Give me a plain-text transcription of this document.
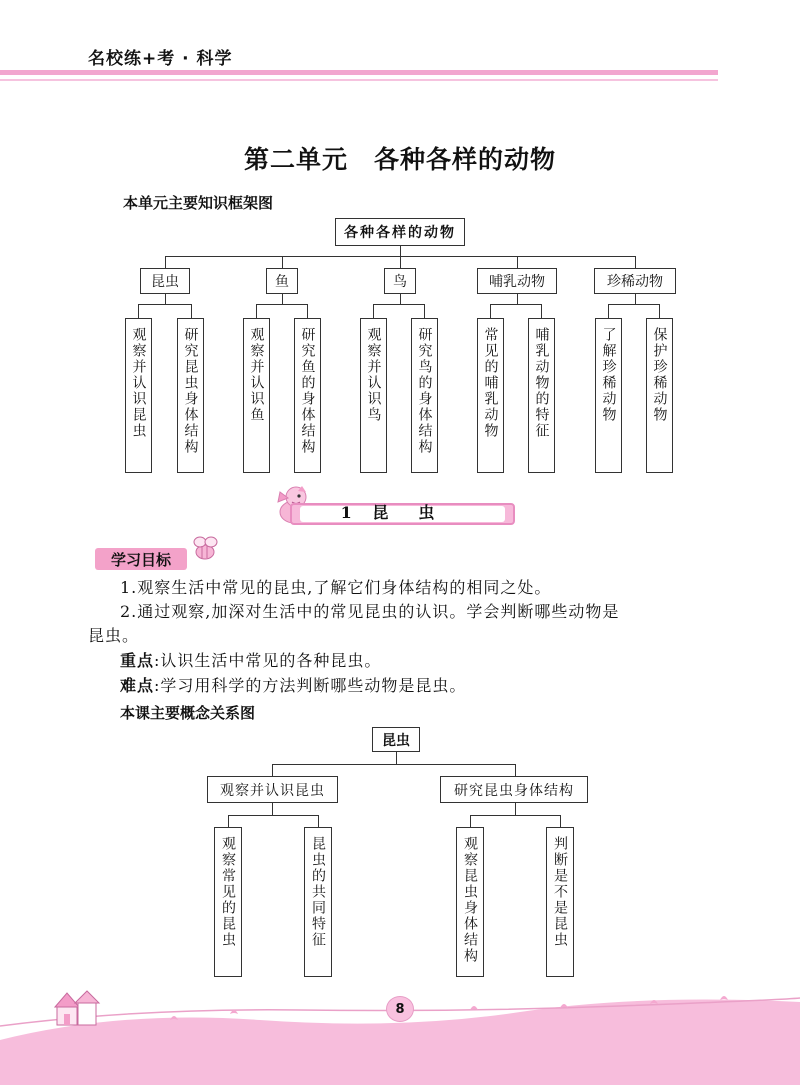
名校练+考 · 科学
第二单元 各种各样的动物
本单元主要知识框架图
各种各样的动物
昆虫	鱼	鸟	哺乳动物	珍稀动物
观察并认识昆虫	研究昆虫身体结构	观察并认识鱼	研究鱼的身体结构	观察并认识鸟	研究鸟的身体结构	常见的哺乳动物	哺乳动物的特征	了解珍稀动物	保护珍稀动物
1 昆虫
学习目标
1.观察生活中常见的昆虫,了解它们身体结构的相同之处。
2.通过观察,加深对生活中的常见昆虫的认识。学会判断哪些动物是
昆虫。
重点:认识生活中常见的各种昆虫。
难点:学习用科学的方法判断哪些动物是昆虫。
本课主要概念关系图
昆虫
观察并认识昆虫	研究昆虫身体结构
观察常见的昆虫	昆虫的共同特征	观察昆虫身体结构	判断是不是昆虫
8
